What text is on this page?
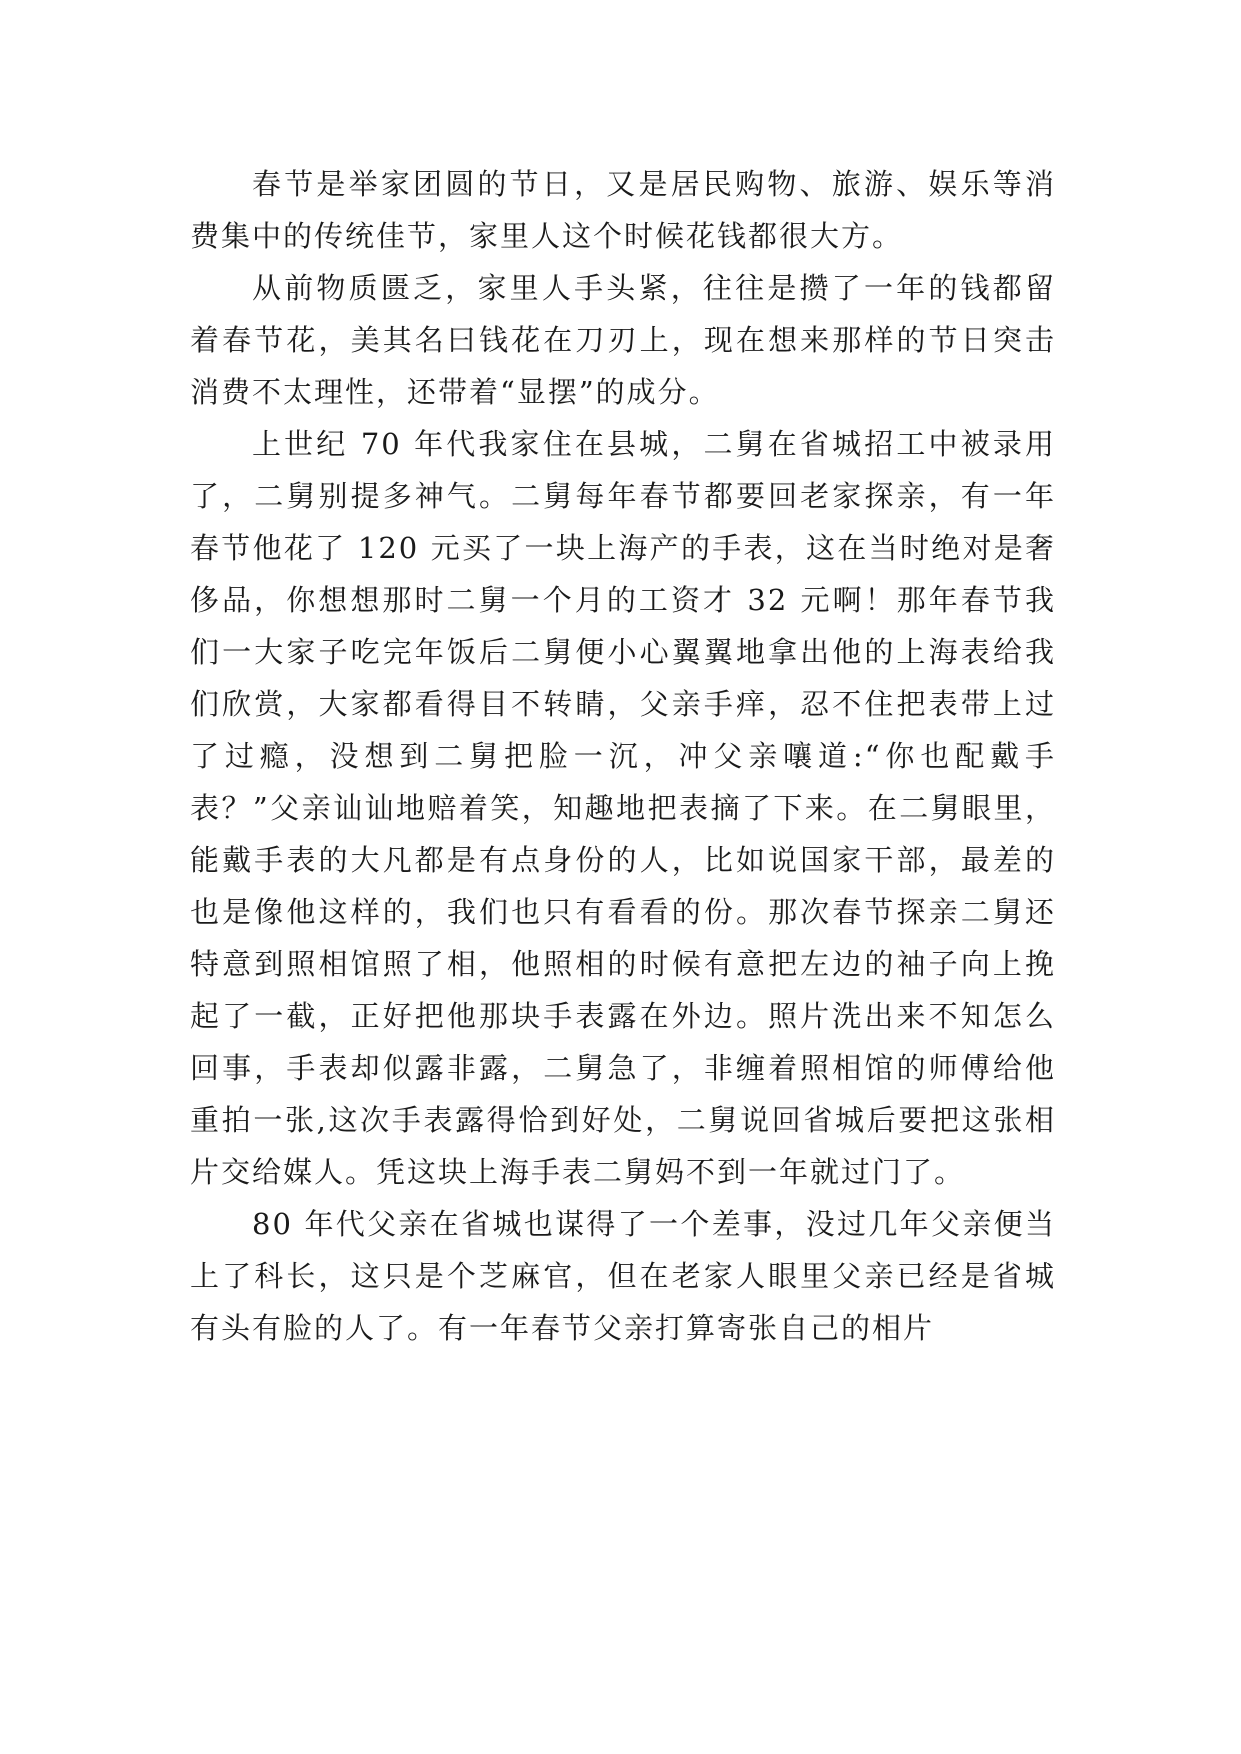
春节是举家团圆的节日，又是居民购物、旅游、娱乐等消费集中的传统佳节，家里人这个时候花钱都很大方。

从前物质匮乏，家里人手头紧，往往是攒了一年的钱都留着春节花，美其名曰钱花在刀刃上，现在想来那样的节日突击消费不太理性，还带着“显摆”的成分。

上世纪 70 年代我家住在县城，二舅在省城招工中被录用了，二舅别提多神气。二舅每年春节都要回老家探亲，有一年春节他花了 120 元买了一块上海产的手表，这在当时绝对是奢侈品，你想想那时二舅一个月的工资才 32 元啊！那年春节我们一大家子吃完年饭后二舅便小心翼翼地拿出他的上海表给我们欣赏，大家都看得目不转睛，父亲手痒，忍不住把表带上过了过瘾，没想到二舅把脸一沉，冲父亲嚷道:“你也配戴手表？”父亲讪讪地赔着笑，知趣地把表摘了下来。在二舅眼里，能戴手表的大凡都是有点身份的人，比如说国家干部，最差的也是像他这样的，我们也只有看看的份。那次春节探亲二舅还特意到照相馆照了相，他照相的时候有意把左边的袖子向上挽起了一截，正好把他那块手表露在外边。照片洗出来不知怎么回事，手表却似露非露，二舅急了，非缠着照相馆的师傅给他重拍一张,这次手表露得恰到好处，二舅说回省城后要把这张相片交给媒人。凭这块上海手表二舅妈不到一年就过门了。

80 年代父亲在省城也谋得了一个差事，没过几年父亲便当上了科长，这只是个芝麻官，但在老家人眼里父亲已经是省城有头有脸的人了。有一年春节父亲打算寄张自己的相片
